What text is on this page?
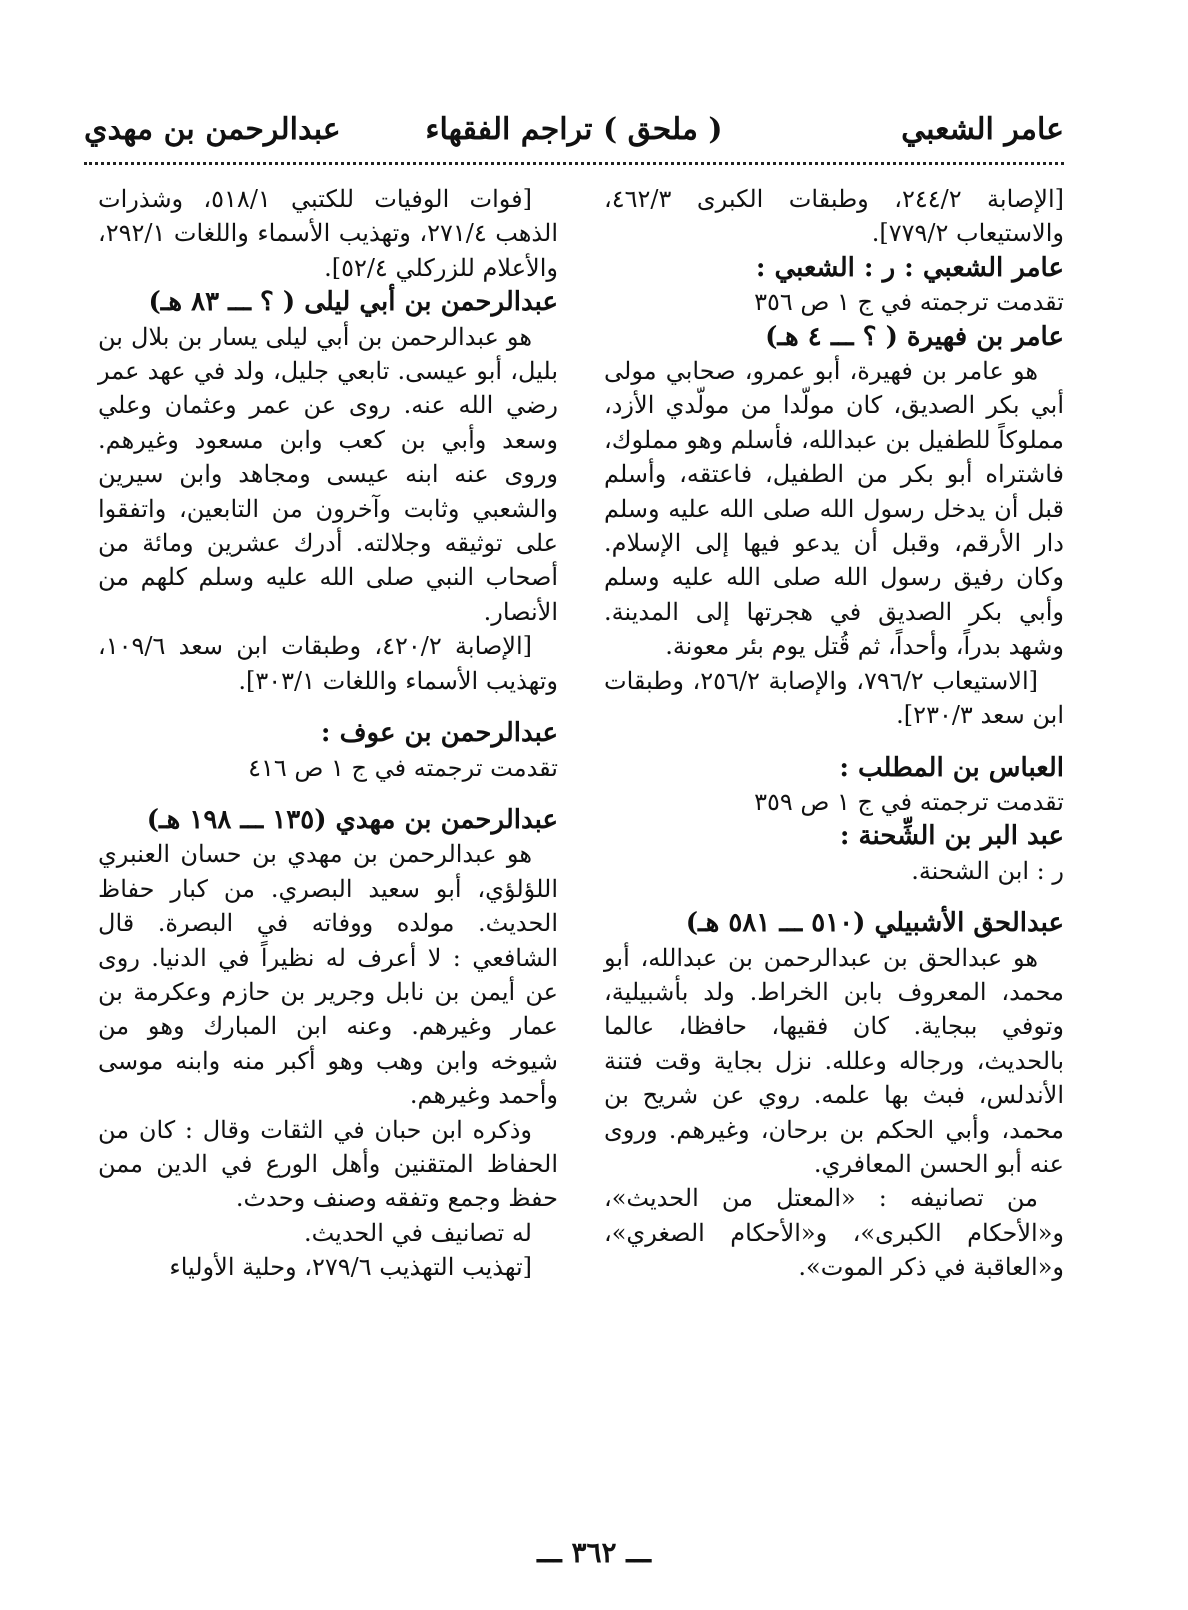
عامر الشعبي
( ملحق ) تراجم الفقهاء
عبدالرحمن بن مهدي

[الإصابة ٢٤٤/٢، وطبقات الكبرى ٤٦٢/٣، والاستيعاب ٧٧٩/٢].

عامر الشعبي : ر : الشعبي :

تقدمت ترجمته في ج ١ ص ٣٥٦

عامر بن فهيرة ( ؟ ـــ ٤ هـ)

هو عامر بن فهيرة، أبو عمرو، صحابي مولى أبي بكر الصديق، كان مولّدا من مولّدي الأزد، مملوكاً للطفيل بن عبدالله، فأسلم وهو مملوك، فاشتراه أبو بكر من الطفيل، فاعتقه، وأسلم قبل أن يدخل رسول الله صلى الله عليه وسلم دار الأرقم، وقبل أن يدعو فيها إلى الإسلام. وكان رفيق رسول الله صلى الله عليه وسلم وأبي بكر الصديق في هجرتها إلى المدينة. وشهد بدراً، وأحداً، ثم قُتل يوم بئر معونة.

[الاستيعاب ٧٩٦/٢، والإصابة ٢٥٦/٢، وطبقات ابن سعد ٢٣٠/٣].

العباس بن المطلب :

تقدمت ترجمته في ج ١ ص ٣٥٩

عبد البر بن الشِّحنة :

ر : ابن الشحنة.

عبدالحق الأشبيلي (٥١٠ ـــ ٥٨١ هـ)

هو عبدالحق بن عبدالرحمن بن عبدالله، أبو محمد، المعروف بابن الخراط. ولد بأشبيلية، وتوفي ببجاية. كان فقيها، حافظا، عالما بالحديث، ورجاله وعلله. نزل بجاية وقت فتنة الأندلس، فبث بها علمه. روي عن شريح بن محمد، وأبي الحكم بن برحان، وغيرهم. وروى عنه أبو الحسن المعافري.

من تصانيفه : «المعتل من الحديث»، و«الأحكام الكبرى»، و«الأحكام الصغري»، و«العاقبة في ذكر الموت».

[فوات الوفيات للكتبي ٥١٨/١، وشذرات الذهب ٢٧١/٤، وتهذيب الأسماء واللغات ٢٩٢/١، والأعلام للزركلي ٥٢/٤].

عبدالرحمن بن أبي ليلى ( ؟ ـــ ٨٣ هـ)

هو عبدالرحمن بن أبي ليلى يسار بن بلال بن بليل، أبو عيسى. تابعي جليل، ولد في عهد عمر رضي الله عنه. روى عن عمر وعثمان وعلي وسعد وأبي بن كعب وابن مسعود وغيرهم. وروى عنه ابنه عيسى ومجاهد وابن سيرين والشعبي وثابت وآخرون من التابعين، واتفقوا على توثيقه وجلالته. أدرك عشرين ومائة من أصحاب النبي صلى الله عليه وسلم كلهم من الأنصار.

[الإصابة ٤٢٠/٢، وطبقات ابن سعد ١٠٩/٦، وتهذيب الأسماء واللغات ٣٠٣/١].

عبدالرحمن بن عوف :

تقدمت ترجمته في ج ١ ص ٤١٦

عبدالرحمن بن مهدي (١٣٥ ـــ ١٩٨ هـ)

هو عبدالرحمن بن مهدي بن حسان العنبري اللؤلؤي، أبو سعيد البصري. من كبار حفاظ الحديث. مولده ووفاته في البصرة. قال الشافعي : لا أعرف له نظيراً في الدنيا. روى عن أيمن بن نابل وجرير بن حازم وعكرمة بن عمار وغيرهم. وعنه ابن المبارك وهو من شيوخه وابن وهب وهو أكبر منه وابنه موسى وأحمد وغيرهم.

وذكره ابن حبان في الثقات وقال : كان من الحفاظ المتقنين وأهل الورع في الدين ممن حفظ وجمع وتفقه وصنف وحدث.

له تصانيف في الحديث.

[تهذيب التهذيب ٢٧٩/٦، وحلية الأولياء

ـــ ٣٦٢ ـــ
